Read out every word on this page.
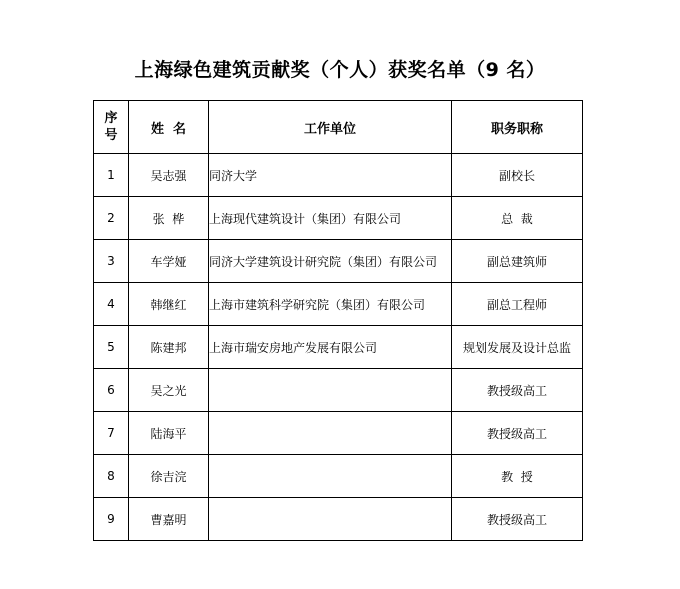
上海绿色建筑贡献奖（个人）获奖名单（9 名）
序
号	姓  名	工作单位	职务职称
1	吴志强	同济大学	副校长
2	张  桦	上海现代建筑设计（集团）有限公司	总  裁
3	车学娅	同济大学建筑设计研究院（集团）有限公司	副总建筑师
4	韩继红	上海市建筑科学研究院（集团）有限公司	副总工程师
5	陈建邦	上海市瑞安房地产发展有限公司	规划发展及设计总监
6	吴之光		教授级高工
7	陆海平		教授级高工
8	徐吉浣		教  授
9	曹嘉明		教授级高工
